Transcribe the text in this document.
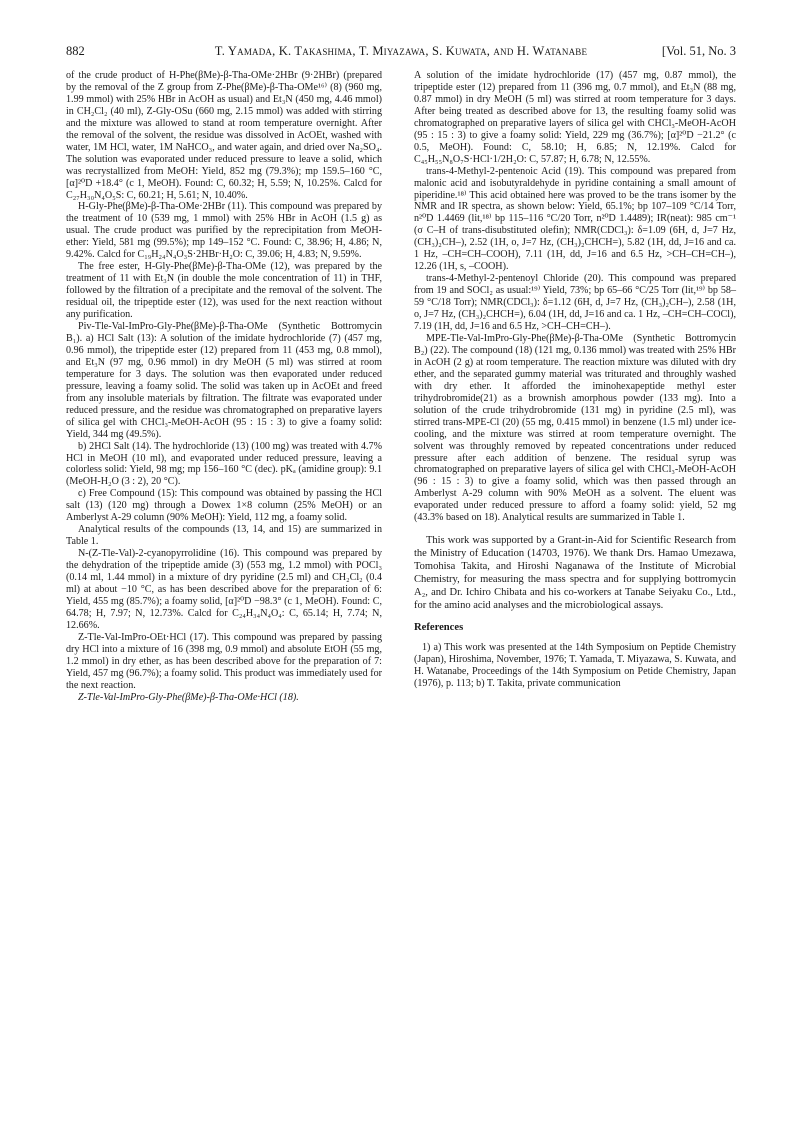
882	T. Yamada, K. Takashima, T. Miyazawa, S. Kuwata, and H. Watanabe	[Vol. 51, No. 3

of the crude product of H-Phe(βMe)-β-Tha-OMe·2HBr (9·2HBr) (prepared by the removal of the Z group from Z-Phe(βMe)-β-Tha-OMe¹⁶⁾ (8) (960 mg, 1.99 mmol) with 25% HBr in AcOH as usual) and Et₃N (450 mg, 4.46 mmol) in CH₂Cl₂ (40 ml), Z-Gly-OSu (660 mg, 2.15 mmol) was added with stirring and the mixture was allowed to stand at room temperature overnight. After the removal of the solvent, the residue was dissolved in AcOEt, washed with water, 1M HCl, water, 1M NaHCO₃, and water again, and dried over Na₂SO₄. The solution was evaporated under reduced pressure to leave a solid, which was recrystallized from MeOH: Yield, 852 mg (79.3%); mp 159.5–160 °C, [α]²⁰D +18.4° (c 1, MeOH). Found: C, 60.32; H, 5.59; N, 10.25%. Calcd for C₂₇H₃₀N₄O₅S: C, 60.21; H, 5.61; N, 10.40%.

H-Gly-Phe(βMe)-β-Tha-OMe·2HBr (11). This compound was prepared by the treatment of 10 (539 mg, 1 mmol) with 25% HBr in AcOH (1.5 g) as usual. The crude product was purified by the reprecipitation from MeOH-ether: Yield, 581 mg (99.5%); mp 149–152 °C. Found: C, 38.96; H, 4.86; N, 9.42%. Calcd for C₁₉H₂₄N₄O₃S·2HBr·H₂O: C, 39.06; H, 4.83; N, 9.59%.

The free ester, H-Gly-Phe(βMe)-β-Tha-OMe (12), was prepared by the treatment of 11 with Et₃N (in double the mole concentration of 11) in THF, followed by the filtration of a precipitate and the removal of the solvent. The residual oil, the tripeptide ester (12), was used for the next reaction without any purification.

Piv-Tle-Val-ImPro-Gly-Phe(βMe)-β-Tha-OMe (Synthetic Bottromycin B₁). a) HCl Salt (13): A solution of the imidate hydrochloride (7) (457 mg, 0.96 mmol), the tripeptide ester (12) prepared from 11 (453 mg, 0.8 mmol), and Et₃N (97 mg, 0.96 mmol) in dry MeOH (5 ml) was stirred at room temperature for 3 days. The solution was then evaporated under reduced pressure, leaving a foamy solid. The solid was taken up in AcOEt and freed from any insoluble materials by filtration. The filtrate was evaporated under reduced pressure, and the residue was chromatographed on preparative layers of silica gel with CHCl₃-MeOH-AcOH (95 : 15 : 3) to give a foamy solid: Yield, 344 mg (49.5%).

b) 2HCl Salt (14). The hydrochloride (13) (100 mg) was treated with 4.7% HCl in MeOH (10 ml), and evaporated under reduced pressure, leaving a colorless solid: Yield, 98 mg; mp 156–160 °C (dec). pKₐ (amidine group): 9.1 (MeOH-H₂O (3 : 2), 20 °C).

c) Free Compound (15): This compound was obtained by passing the HCl salt (13) (120 mg) through a Dowex 1×8 column (25% MeOH) or an Amberlyst A-29 column (90% MeOH): Yield, 112 mg, a foamy solid.

Analytical results of the compounds (13, 14, and 15) are summarized in Table 1.

N-(Z-Tle-Val)-2-cyanopyrrolidine (16). This compound was prepared by the dehydration of the tripeptide amide (3) (553 mg, 1.2 mmol) with POCl₃ (0.14 ml, 1.44 mmol) in a mixture of dry pyridine (2.5 ml) and CH₂Cl₂ (0.4 ml) at about −10 °C, as has been described above for the preparation of 6: Yield, 455 mg (85.7%); a foamy solid, [α]²⁰D −98.3° (c 1, MeOH). Found: C, 64.78; H, 7.97; N, 12.73%. Calcd for C₂₄H₃₄N₄O₄: C, 65.14; H, 7.74; N, 12.66%.

Z-Tle-Val-ImPro-OEt·HCl (17). This compound was prepared by passing dry HCl into a mixture of 16 (398 mg, 0.9 mmol) and absolute EtOH (55 mg, 1.2 mmol) in dry ether, as has been described above for the preparation of 7: Yield, 457 mg (96.7%); a foamy solid. This product was immediately used for the next reaction.

Z-Tle-Val-ImPro-Gly-Phe(βMe)-β-Tha-OMe·HCl (18).

A solution of the imidate hydrochloride (17) (457 mg, 0.87 mmol), the tripeptide ester (12) prepared from 11 (396 mg, 0.7 mmol), and Et₃N (88 mg, 0.87 mmol) in dry MeOH (5 ml) was stirred at room temperature for 3 days. After being treated as described above for 13, the resulting foamy solid was chromatographed on preparative layers of silica gel with CHCl₃-MeOH-AcOH (95 : 15 : 3) to give a foamy solid: Yield, 229 mg (36.7%); [α]²⁰D −21.2° (c 0.5, MeOH). Found: C, 58.10; H, 6.85; N, 12.19%. Calcd for C₄₅H₅₅N₈O₇S·HCl·1/2H₂O: C, 57.87; H, 6.78; N, 12.55%.

trans-4-Methyl-2-pentenoic Acid (19). This compound was prepared from malonic acid and isobutyraldehyde in pyridine containing a small amount of piperidine.¹⁸⁾ This acid obtained here was proved to be the trans isomer by the NMR and IR spectra, as shown below: Yield, 65.1%; bp 107–109 °C/14 Torr, n²⁰D 1.4469 (lit,¹⁸⁾ bp 115–116 °C/20 Torr, n²⁰D 1.4489); IR(neat): 985 cm⁻¹ (σ C–H of trans-disubstituted olefin); NMR(CDCl₃): δ=1.09 (6H, d, J=7 Hz, (CH₃)₂CH–), 2.52 (1H, o, J=7 Hz, (CH₃)₂CHCH=), 5.82 (1H, dd, J=16 and ca. 1 Hz, –CH=CH–COOH), 7.11 (1H, dd, J=16 and 6.5 Hz, >CH–CH=CH–), 12.26 (1H, s, –COOH).

trans-4-Methyl-2-pentenoyl Chloride (20). This compound was prepared from 19 and SOCl₂ as usual:¹⁹⁾ Yield, 73%; bp 65–66 °C/25 Torr (lit,¹⁹⁾ bp 58–59 °C/18 Torr); NMR(CDCl₃): δ=1.12 (6H, d, J=7 Hz, (CH₃)₂CH–), 2.58 (1H, o, J=7 Hz, (CH₃)₂CHCH=), 6.04 (1H, dd, J=16 and ca. 1 Hz, –CH=CH–COCl), 7.19 (1H, dd, J=16 and 6.5 Hz, >CH–CH=CH–).

MPE-Tle-Val-ImPro-Gly-Phe(βMe)-β-Tha-OMe (Synthetic Bottromycin B₂) (22). The compound (18) (121 mg, 0.136 mmol) was treated with 25% HBr in AcOH (2 g) at room temperature. The reaction mixture was diluted with dry ether, and the separated gummy material was triturated and throughly washed with dry ether. It afforded the iminohexapeptide methyl ester trihydrobromide(21) as a brownish amorphous powder (133 mg). Into a solution of the crude trihydrobromide (131 mg) in pyridine (2.5 ml), was stirred trans-MPE-Cl (20) (55 mg, 0.415 mmol) in benzene (1.5 ml) under ice-cooling, and the mixture was stirred at room temperature overnight. The solvent was throughly removed by repeated concentrations under reduced pressure after each addition of benzene. The residual syrup was chromatographed on preparative layers of silica gel with CHCl₃-MeOH-AcOH (96 : 15 : 3) to give a foamy solid, which was then passed through an Amberlyst A-29 column with 90% MeOH as a solvent. The eluent was evaporated under reduced pressure to afford a foamy solid: yield, 52 mg (43.3% based on 18). Analytical results are summarized in Table 1.

This work was supported by a Grant-in-Aid for Scientific Research from the Ministry of Education (14703, 1976). We thank Drs. Hamao Umezawa, Tomohisa Takita, and Hiroshi Naganawa of the Institute of Microbial Chemistry, for measuring the mass spectra and for supplying bottromycin A₂, and Dr. Ichiro Chibata and his co-workers at Tanabe Seiyaku Co., Ltd., for the amino acid analyses and the microbiological assays.

References

1) a) This work was presented at the 14th Symposium on Peptide Chemistry (Japan), Hiroshima, November, 1976; T. Yamada, T. Miyazawa, S. Kuwata, and H. Watanabe, Proceedings of the 14th Symposium on Petide Chemistry, Japan (1976), p. 113; b) T. Takita, private communication
